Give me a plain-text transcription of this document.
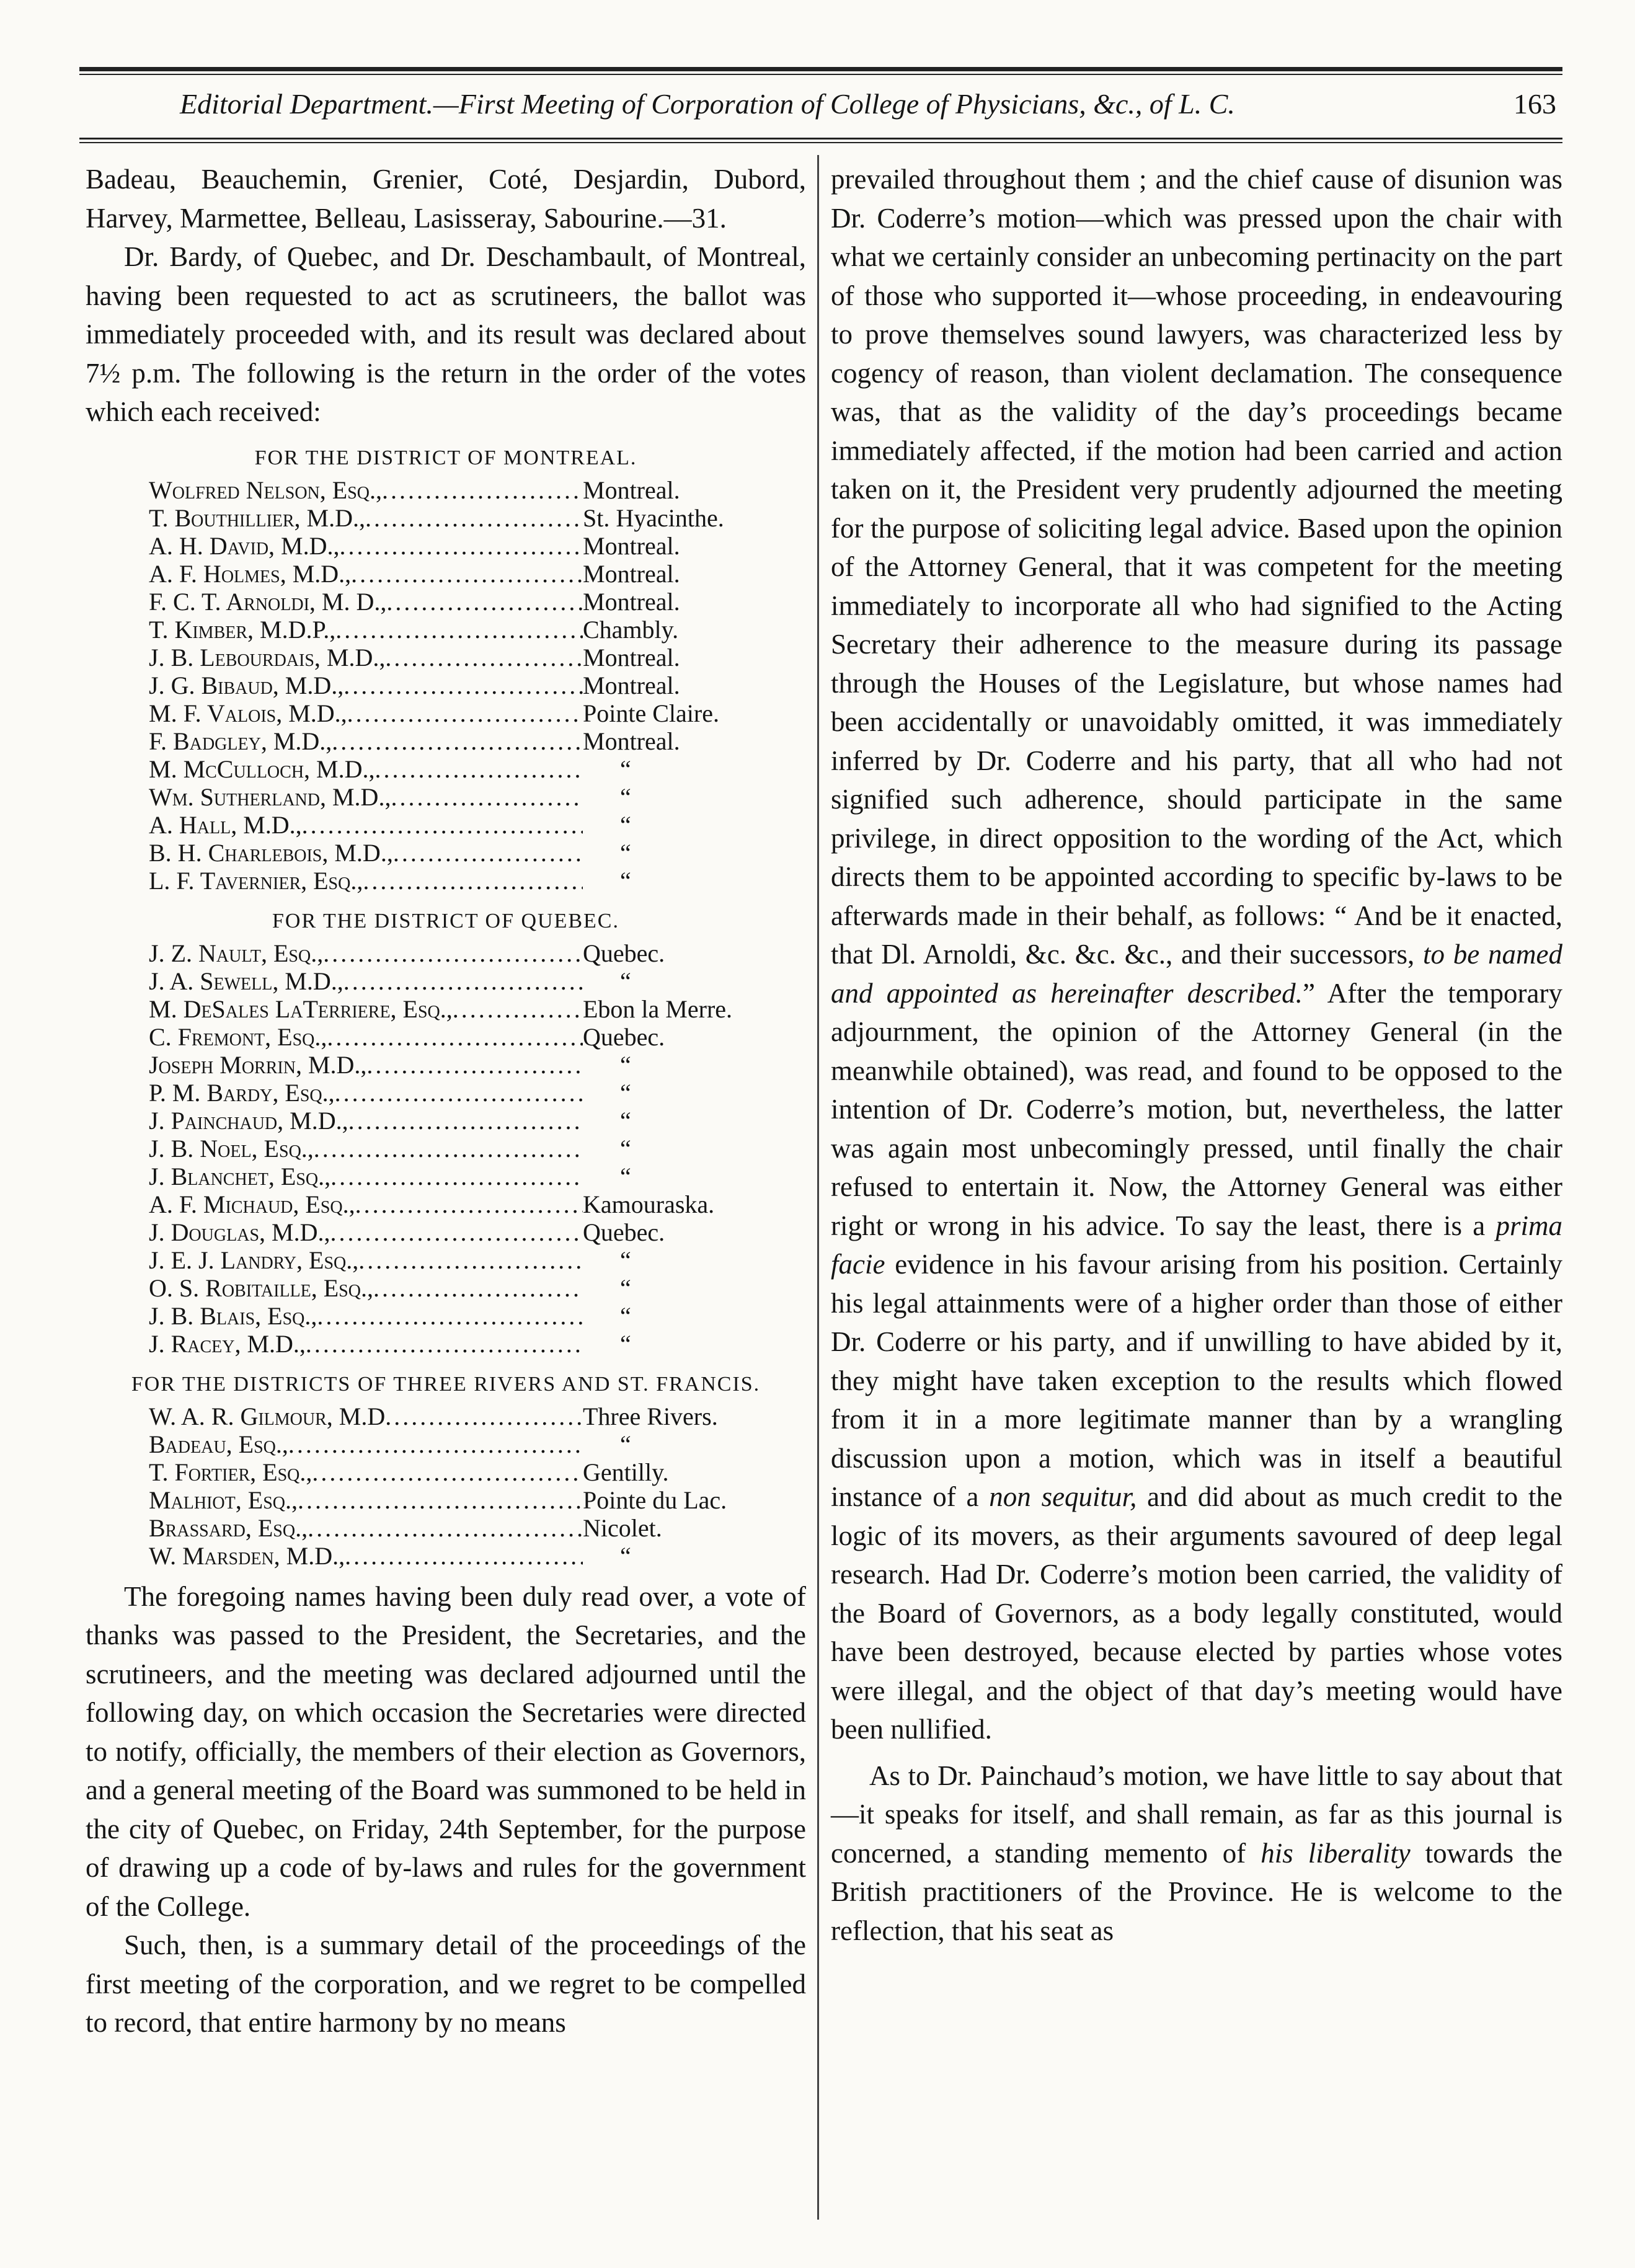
Editorial Department.—First Meeting of Corporation of College of Physicians, &c., of L. C.	163

Badeau, Beauchemin, Grenier, Coté, Desjardin, Dubord, Harvey, Marmettee, Belleau, Lasisseray, Sabourine.—31.

Dr. Bardy, of Quebec, and Dr. Deschambault, of Montreal, having been requested to act as scrutineers, the ballot was immediately proceeded with, and its result was declared about 7½ p.m. The following is the return in the order of the votes which each received:

FOR THE DISTRICT OF MONTREAL.
Wolfred Nelson, Esq., .....	Montreal.
T. Bouthillier, M.D., .....	St. Hyacinthe.
A. H. David, M.D., .....	Montreal.
A. F. Holmes, M.D., .....	Montreal.
F. C. T. Arnoldi, M. D., .....	Montreal.
T. Kimber, M.D.P., .....	Chambly.
J. B. Lebourdais, M.D., .....	Montreal.
J. G. Bibaud, M.D., .....	Montreal.
M. F. Valois, M.D., .....	Pointe Claire.
F. Badgley, M.D., .....	Montreal.
M. McCulloch, M.D., .....	“
Wm. Sutherland, M.D., .....	“
A. Hall, M.D., .....	“
B. H. Charlebois, M.D., .....	“
L. F. Tavernier, Esq., .....	“
FOR THE DISTRICT OF QUEBEC.
J. Z. Nault, Esq., .....	Quebec.
J. A. Sewell, M.D., .....	“
M. DeSales LaTerriere, Esq., .....	Ebon la Merre.
C. Fremont, Esq., .....	Quebec.
Joseph Morrin, M.D., .....	“
P. M. Bardy, Esq., .....	“
J. Painchaud, M.D., .....	“
J. B. Noel, Esq., .....	“
J. Blanchet, Esq., .....	“
A. F. Michaud, Esq., .....	Kamouraska.
J. Douglas, M.D., .....	Quebec.
J. E. J. Landry, Esq., .....	“
O. S. Robitaille, Esq., .....	“
J. B. Blais, Esq., .....	“
J. Racey, M.D., .....	“
FOR THE DISTRICTS OF THREE RIVERS AND ST. FRANCIS.
W. A. R. Gilmour, M.D .....	Three Rivers.
Badeau, Esq., .....	“
T. Fortier, Esq., .....	Gentilly.
Malhiot, Esq., .....	Pointe du Lac.
Brassard, Esq., .....	Nicolet.
W. Marsden, M.D., .....	“

The foregoing names having been duly read over, a vote of thanks was passed to the President, the Secretaries, and the scrutineers, and the meeting was declared adjourned until the following day, on which occasion the Secretaries were directed to notify, officially, the members of their election as Governors, and a general meeting of the Board was summoned to be held in the city of Quebec, on Friday, 24th September, for the purpose of drawing up a code of by-laws and rules for the government of the College.

Such, then, is a summary detail of the proceedings of the first meeting of the corporation, and we regret to be compelled to record, that entire harmony by no means

prevailed throughout them ; and the chief cause of disunion was Dr. Coderre’s motion—which was pressed upon the chair with what we certainly consider an unbecoming pertinacity on the part of those who supported it—whose proceeding, in endeavouring to prove themselves sound lawyers, was characterized less by cogency of reason, than violent declamation. The consequence was, that as the validity of the day’s proceedings became immediately affected, if the motion had been carried and action taken on it, the President very prudently adjourned the meeting for the purpose of soliciting legal advice. Based upon the opinion of the Attorney General, that it was competent for the meeting immediately to incorporate all who had signified to the Acting Secretary their adherence to the measure during its passage through the Houses of the Legislature, but whose names had been accidentally or unavoidably omitted, it was immediately inferred by Dr. Coderre and his party, that all who had not signified such adherence, should participate in the same privilege, in direct opposition to the wording of the Act, which directs them to be appointed according to specific by-laws to be afterwards made in their behalf, as follows: “ And be it enacted, that Dl. Arnoldi, &c. &c. &c., and their successors, to be named and appointed as hereinafter described.” After the temporary adjournment, the opinion of the Attorney General (in the meanwhile obtained), was read, and found to be opposed to the intention of Dr. Coderre’s motion, but, nevertheless, the latter was again most unbecomingly pressed, until finally the chair refused to entertain it. Now, the Attorney General was either right or wrong in his advice. To say the least, there is a prima facie evidence in his favour arising from his position. Certainly his legal attainments were of a higher order than those of either Dr. Coderre or his party, and if unwilling to have abided by it, they might have taken exception to the results which flowed from it in a more legitimate manner than by a wrangling discussion upon a motion, which was in itself a beautiful instance of a non sequitur, and did about as much credit to the logic of its movers, as their arguments savoured of deep legal research. Had Dr. Coderre’s motion been carried, the validity of the Board of Governors, as a body legally constituted, would have been destroyed, because elected by parties whose votes were illegal, and the object of that day’s meeting would have been nullified.

As to Dr. Painchaud’s motion, we have little to say about that—it speaks for itself, and shall remain, as far as this journal is concerned, a standing memento of his liberality towards the British practitioners of the Province. He is welcome to the reflection, that his seat as
